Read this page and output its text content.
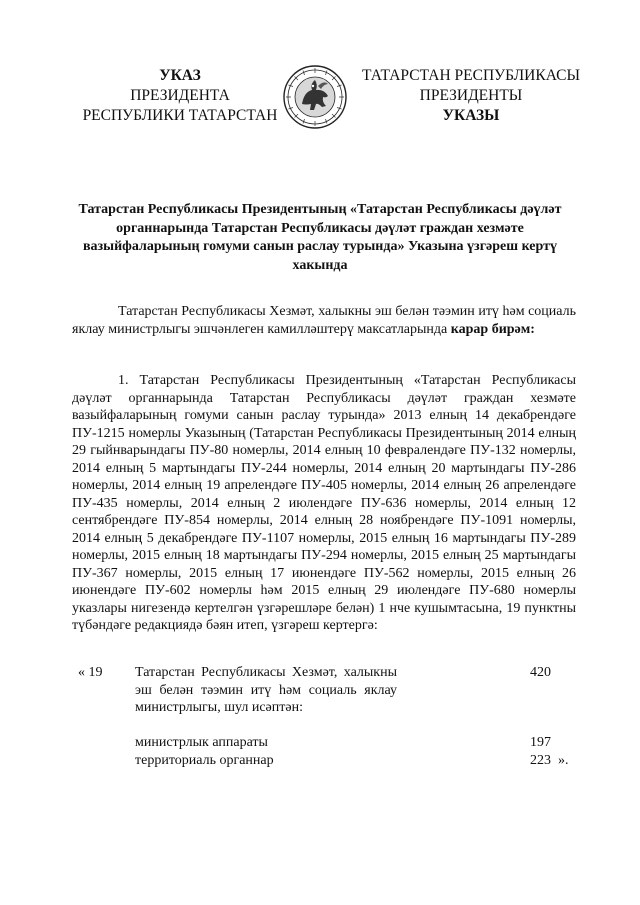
УКАЗ
ПРЕЗИДЕНТА
РЕСПУБЛИКИ ТАТАРСТАН
ТАТАРСТАН РЕСПУБЛИКАСЫ
ПРЕЗИДЕНТЫ
УКАЗЫ
Татарстан Республикасы Президентының «Татарстан Республикасы дәүләт органнарында Татарстан Республикасы дәүләт граждан хезмәте вазыйфаларының гомуми санын раслау турында» Указына үзгәреш кертү хакында
Татарстан Республикасы Хезмәт, халыкны эш белән тәэмин итү һәм социаль яклау министрлыгы эшчәнлеген камилләштерү максатларында карар бирәм:
1. Татарстан Республикасы Президентының «Татарстан Республикасы дәүләт органнарында Татарстан Республикасы дәүләт граждан хезмәте вазыйфаларының гомуми санын раслау турында» 2013 елның 14 декабрендәге ПУ-1215 номерлы Указының (Татарстан Республикасы Президентының 2014 елның 29 гыйнварындагы ПУ-80 номерлы, 2014 елның 10 февралендәге ПУ-132 номерлы, 2014 елның 5 мартындагы ПУ-244 номерлы, 2014 елның 20 мартындагы ПУ-286 номерлы, 2014 елның 19 апрелендәге ПУ-405 номерлы, 2014 елның 26 апрелендәге ПУ-435 номерлы, 2014 елның 2 июлендәге ПУ-636 номерлы, 2014 елның 12 сентябрендәге ПУ-854 номерлы, 2014 елның 28 ноябрендәге ПУ-1091 номерлы, 2014 елның 5 декабрендәге ПУ-1107 номерлы, 2015 елның 16 мартындагы ПУ-289 номерлы, 2015 елның 18 мартындагы ПУ-294 номерлы, 2015 елның 25 мартындагы ПУ-367 номерлы, 2015 елның 17 июнендәге ПУ-562 номерлы, 2015 елның 26 июнендәге ПУ-602 номерлы һәм 2015 елның 29 июлендәге ПУ-680 номерлы указлары нигезендә кертелгән үзгәрешләре белән) 1 нче кушымтасына, 19 пунктны түбәндәге редакциядә бәян итеп, үзгәреш кертергә:
« 19 Татарстан Республикасы Хезмәт, халыкны эш белән тәэмин итү һәм социаль яклау министрлыгы, шул исәптән:
420
министрлык аппараты	197
территориаль органнар	223 ».
